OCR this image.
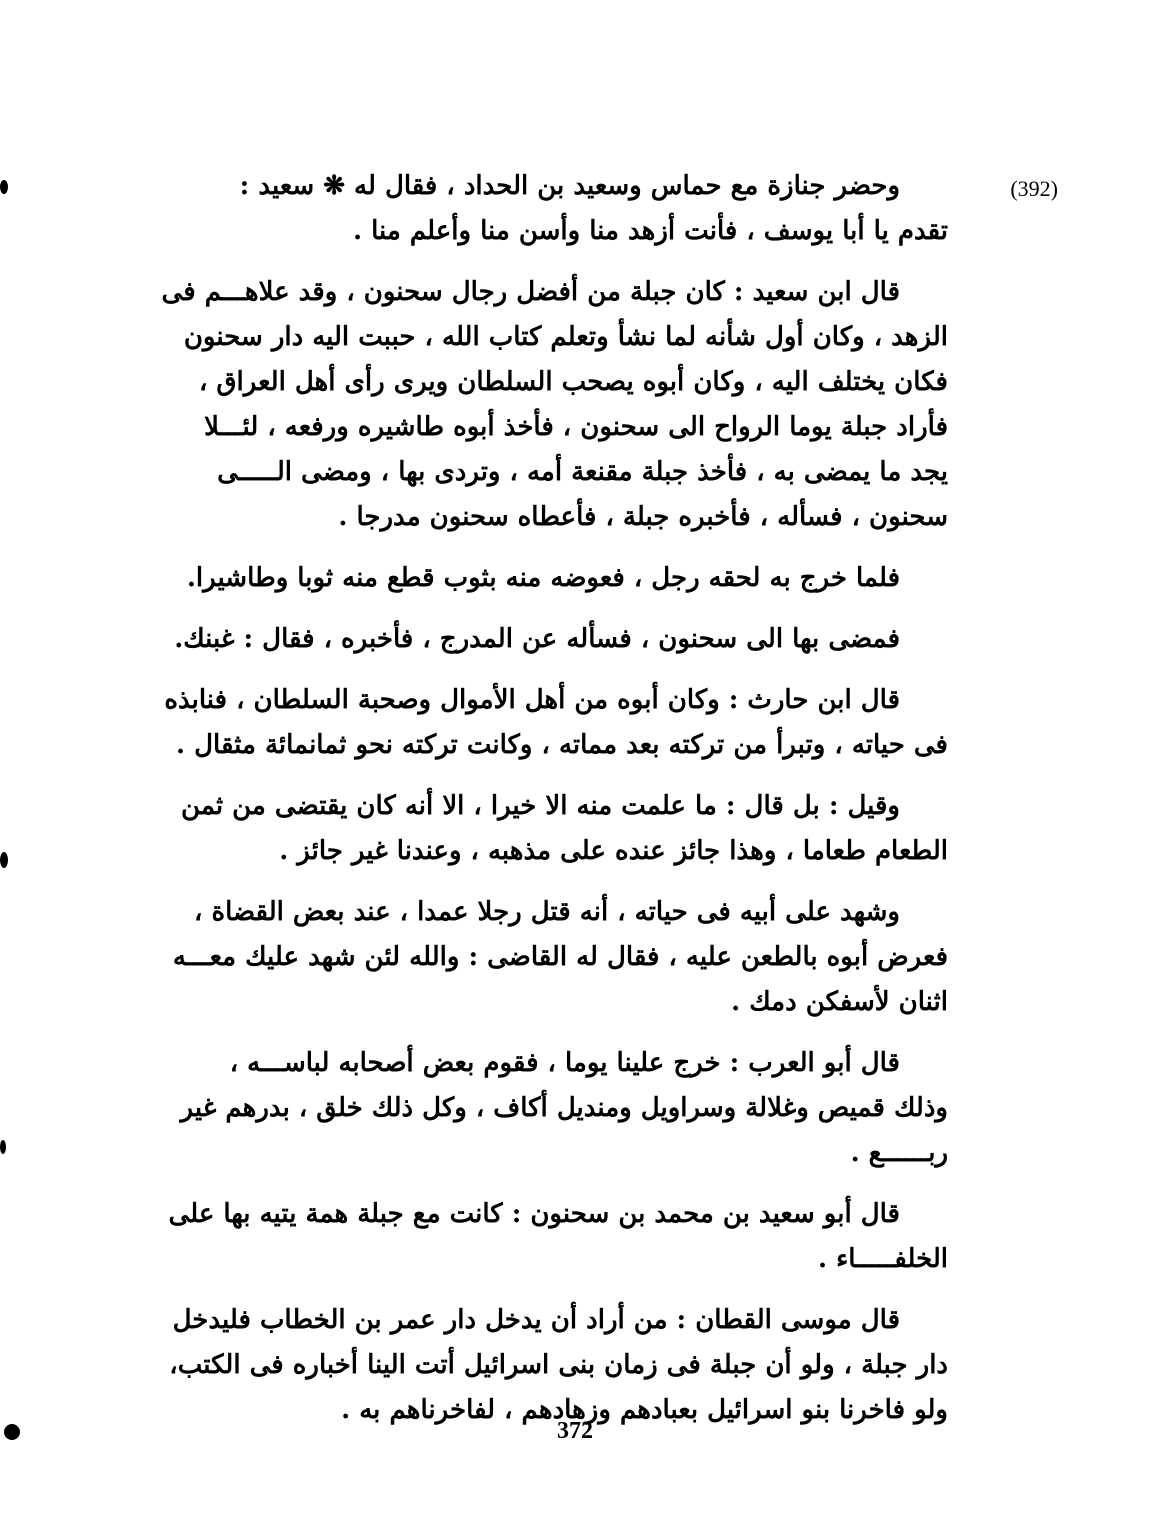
(392)
وحضر جنازة مع حماس وسعيد بن الحداد ، فقال له ❋ سعيد :
تقدم يا أبا يوسف ، فأنت أزهد منا وأسن منا وأعلم منا .
قال ابن سعيد : كان جبلة من أفضل رجال سحنون ، وقد علاهـــم فى
الزهد ، وكان أول شأنه لما نشأ وتعلم كتاب الله ، حببت اليه دار سحنون
فكان يختلف اليه ، وكان أبوه يصحب السلطان ويرى رأى أهل العراق ،
فأراد جبلة يوما الرواح الى سحنون ، فأخذ أبوه طاشيره ورفعه ، لئـــلا
يجد ما يمضى به ، فأخذ جبلة مقنعة أمه ، وتردى بها ، ومضى الـــــى
سحنون ، فسأله ، فأخبره جبلة ، فأعطاه سحنون مدرجا .
فلما خرج به لحقه رجل ، فعوضه منه بثوب قطع منه ثوبا وطاشيرا.
فمضى بها الى سحنون ، فسأله عن المدرج ، فأخبره ، فقال : غبنك.
قال ابن حارث : وكان أبوه من أهل الأموال وصحبة السلطان ، فنابذه
فى حياته ، وتبرأ من تركته بعد مماته ، وكانت تركته نحو ثمانمائة مثقال .
وقيل : بل قال : ما علمت منه الا خيرا ، الا أنه كان يقتضى من ثمن
الطعام طعاما ، وهذا جائز عنده على مذهبه ، وعندنا غير جائز .
وشهد على أبيه فى حياته ، أنه قتل رجلا عمدا ، عند بعض القضاة ،
فعرض أبوه بالطعن عليه ، فقال له القاضى : والله لئن شهد عليك معـــه
اثنان لأسفكن دمك .
قال أبو العرب : خرج علينا يوما ، فقوم بعض أصحابه لباســـه ،
وذلك قميص وغلالة وسراويل ومنديل أكاف ، وكل ذلك خلق ، بدرهم غير
ربــــــع .
قال أبو سعيد بن محمد بن سحنون : كانت مع جبلة همة يتيه بها على
الخلفـــــاء .
قال موسى القطان : من أراد أن يدخل دار عمر بن الخطاب فليدخل
دار جبلة ، ولو أن جبلة فى زمان بنى اسرائيل أتت الينا أخباره فى الكتب،
ولو فاخرنا بنو اسرائيل بعبادهم وزهادهم ، لفاخرناهم به .
372
